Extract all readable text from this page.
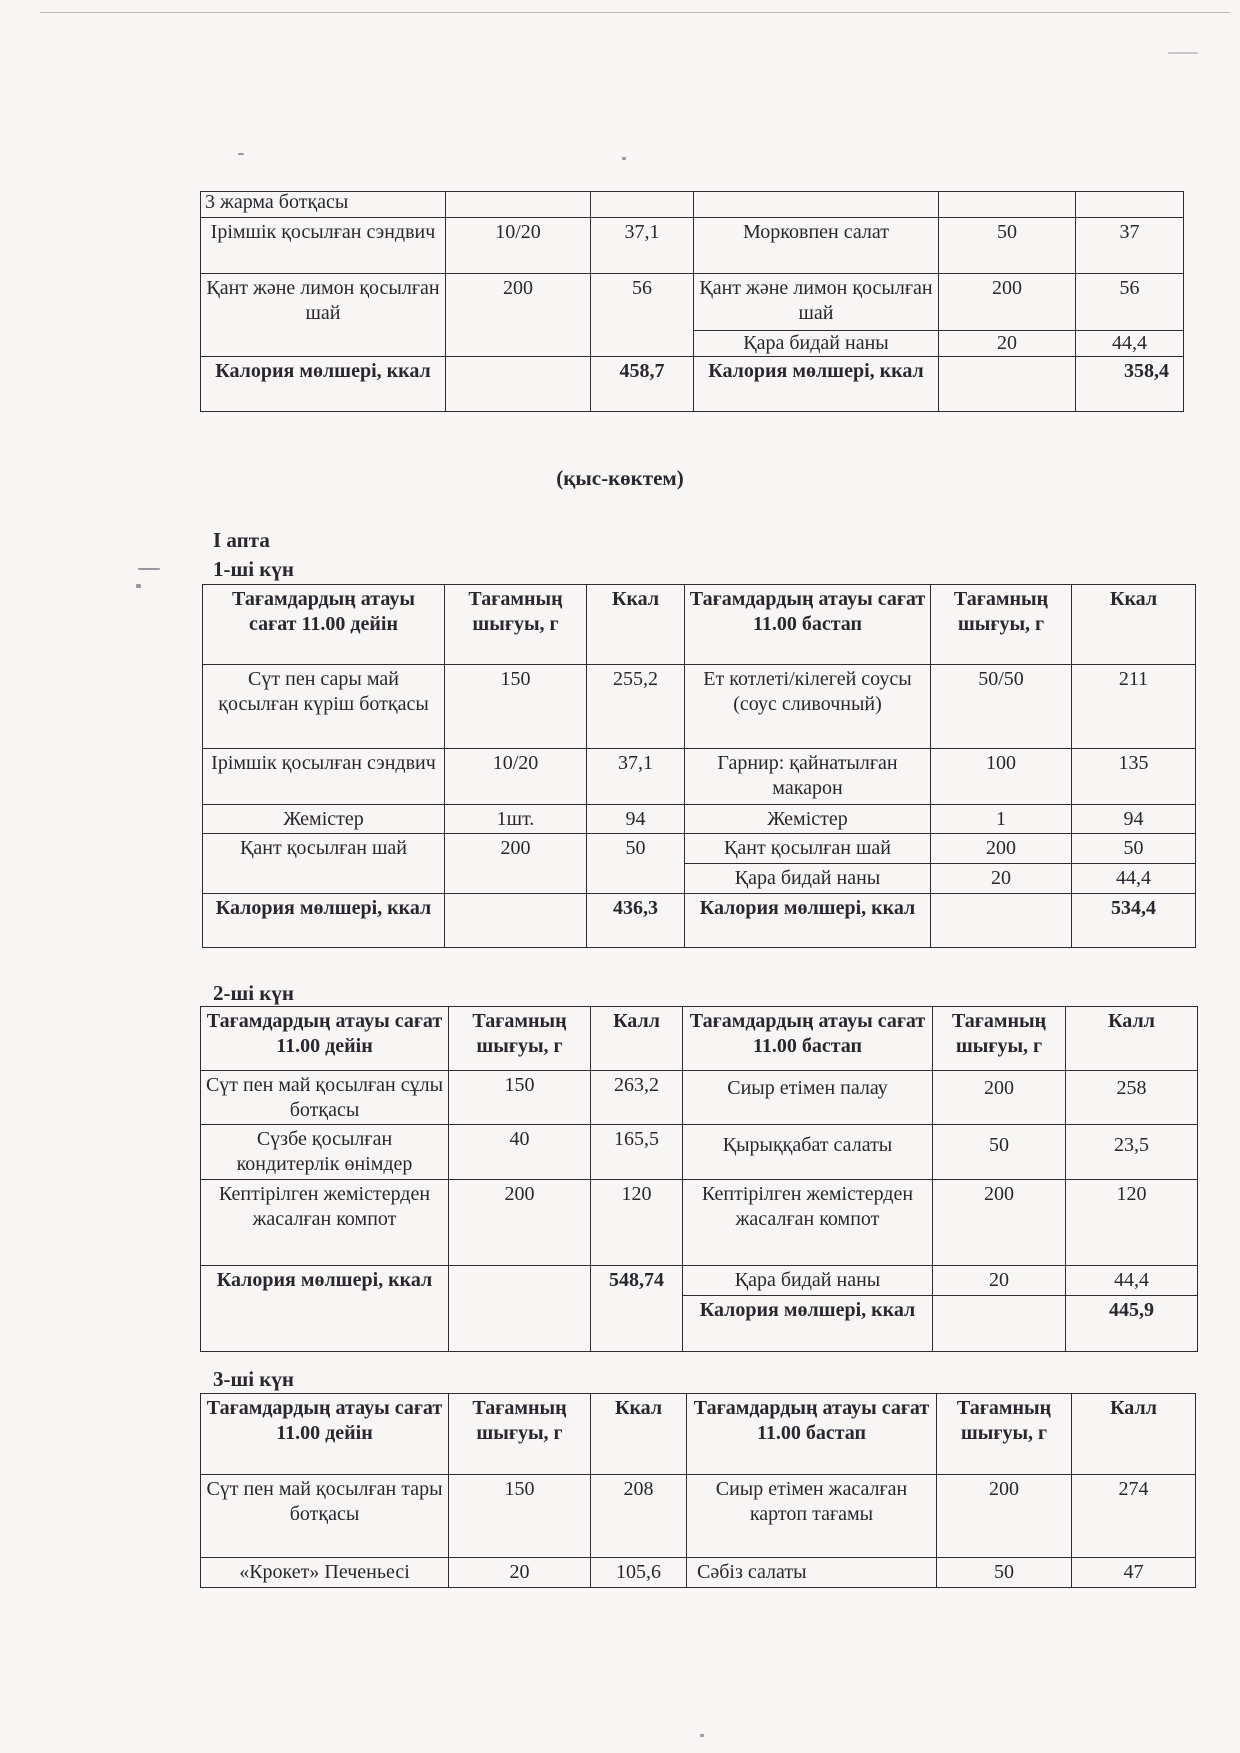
3 жарма ботқасы					
Ірімшік қосылған сэндвич	10/20	37,1	Морковпен салат	50	37
Қант және лимон қосылған шай	200	56	Қант және лимон қосылған шай	200	56
			Қара бидай наны	20	44,4
Калория мөлшері, ккал		458,7	Калория мөлшері, ккал		358,4
(қыс-көктем)
І апта
1-ші күн
Тағамдардың атауы сағат 11.00 дейін	Тағамның шығуы, г	Ккал	Тағамдардың атауы сағат 11.00 бастап	Тағамның шығуы, г	Ккал
Сүт пен сары май қосылған күріш ботқасы	150	255,2	Ет котлеті/кілегей соусы (соус сливочный)	50/50	211
Ірімшік қосылған сэндвич	10/20	37,1	Гарнир: қайнатылған макарон	100	135
Жемістер	1шт.	94	Жемістер	1	94
Қант қосылған шай	200	50	Қант қосылған шай	200	50
			Қара бидай наны	20	44,4
Калория мөлшері, ккал		436,3	Калория мөлшері, ккал		534,4
2-ші күн
Тағамдардың атауы сағат 11.00 дейін	Тағамның шығуы, г	Калл	Тағамдардың атауы сағат 11.00 бастап	Тағамның шығуы, г	Калл
Сүт пен май қосылған сұлы ботқасы	150	263,2	Сиыр етімен палау	200	258
Сүзбе қосылған кондитерлік өнімдер	40	165,5	Қырыққабат салаты	50	23,5
Кептірілген жемістерден жасалған компот	200	120	Кептірілген жемістерден жасалған компот	200	120
Калория мөлшері, ккал		548,74	Қара бидай наны	20	44,4
			Калория мөлшері, ккал		445,9
3-ші күн
Тағамдардың атауы сағат 11.00 дейін	Тағамның шығуы, г	Ккал	Тағамдардың атауы сағат 11.00 бастап	Тағамның шығуы, г	Калл
Сүт пен май қосылған тары ботқасы	150	208	Сиыр етімен жасалған картоп тағамы	200	274
«Крокет» Печеньесі	20	105,6	Сәбіз салаты	50	47
